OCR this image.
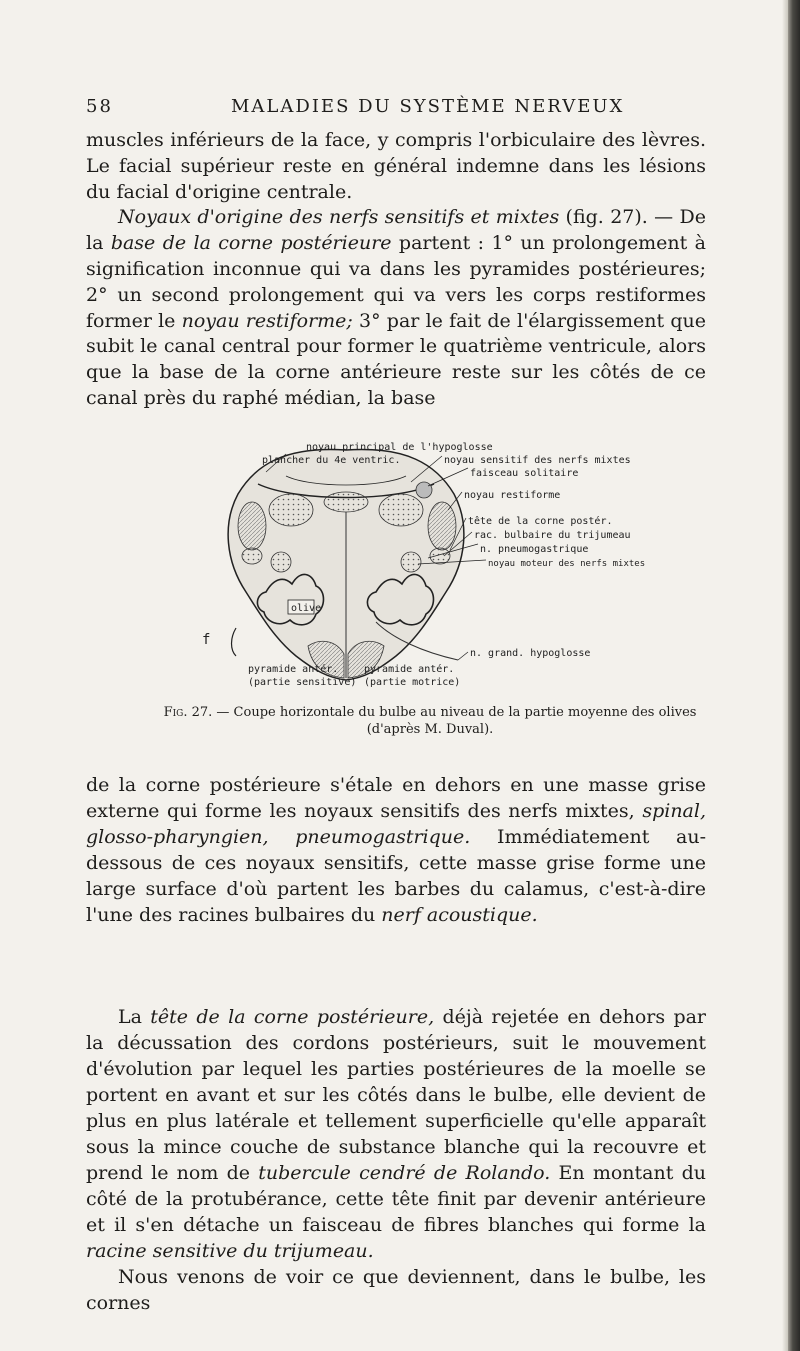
58	MALADIES DU SYSTÈME NERVEUX

muscles inférieurs de la face, y compris l'orbiculaire des lèvres. Le facial supérieur reste en général indemne dans les lésions du facial d'origine centrale.
Noyaux d'origine des nerfs sensitifs et mixtes (fig. 27). — De la base de la corne postérieure partent : 1° un prolongement à signification inconnue qui va dans les pyramides postérieures; 2° un second prolongement qui va vers les corps restiformes former le noyau restiforme; 3° par le fait de l'élargissement que subit le canal central pour former le quatrième ventricule, alors que la base de la corne antérieure reste sur les côtés de ce canal près du raphé médian, la base

olive
f
noyau principal de l'hypoglosse
plancher du 4e ventric.	noyau sensitif des nerfs mixtes
faisceau solitaire
noyau restiforme
tête de la corne postér.
rac. bulbaire du trijumeau
n. pneumogastrique
noyau moteur des nerfs mixtes
n. grand. hypoglosse
pyramide antér.
(partie sensitive)
pyramide antér.
(partie motrice)
Fig. 27. — Coupe horizontale du bulbe au niveau de la partie moyenne des olives (d'après M. Duval).

de la corne postérieure s'étale en dehors en une masse grise externe qui forme les noyaux sensitifs des nerfs mixtes, spinal, glosso-pharyngien, pneumogastrique. Immédiatement au-dessous de ces noyaux sensitifs, cette masse grise forme une large surface d'où partent les barbes du calamus, c'est-à-dire l'une des racines bulbaires du nerf acoustique.

La tête de la corne postérieure, déjà rejetée en dehors par la décussation des cordons postérieurs, suit le mouvement d'évolution par lequel les parties postérieures de la moelle se portent en avant et sur les côtés dans le bulbe, elle devient de plus en plus latérale et tellement superficielle qu'elle apparaît sous la mince couche de substance blanche qui la recouvre et prend le nom de tubercule cendré de Rolando. En montant du côté de la protubérance, cette tête finit par devenir antérieure et il s'en détache un faisceau de fibres blanches qui forme la racine sensitive du trijumeau.
Nous venons de voir ce que deviennent, dans le bulbe, les cornes
